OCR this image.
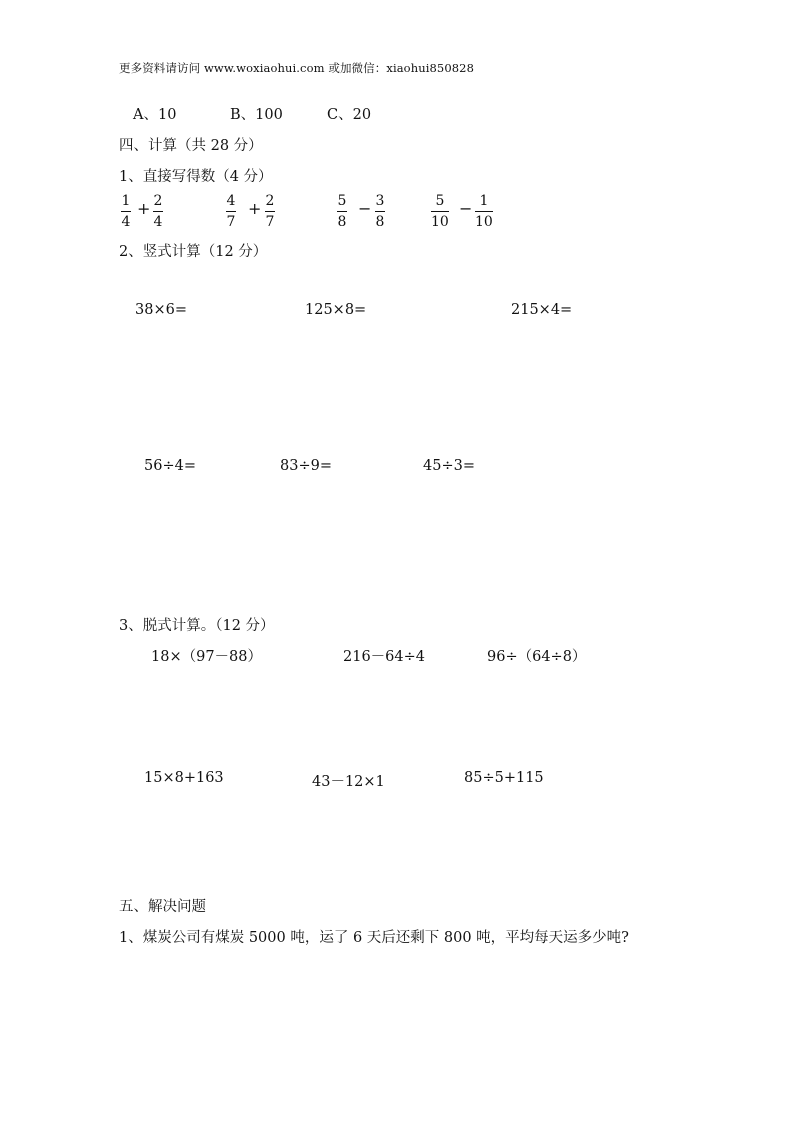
更多资料请访问 www.woxiaohui.com 或加微信：xiaohui850828
A、10	B、100	C、20
四、计算（共 28 分）
1、直接写得数（4 分）
1
4
+ 2
4
4
7
+ 2
7
5
8
− 3
8
5
10
− 1
10
2、竖式计算（12 分）
38×6=	125×8=	215×4=
56÷4=	83÷9=	45÷3=
3、脱式计算。（12 分）
18×（97－88）	216－64÷4	96÷（64÷8）
15×8+163	43－12×1	85÷5+115
五、解决问题
1、煤炭公司有煤炭 5000 吨，运了 6 天后还剩下 800 吨，平均每天运多少吨?
